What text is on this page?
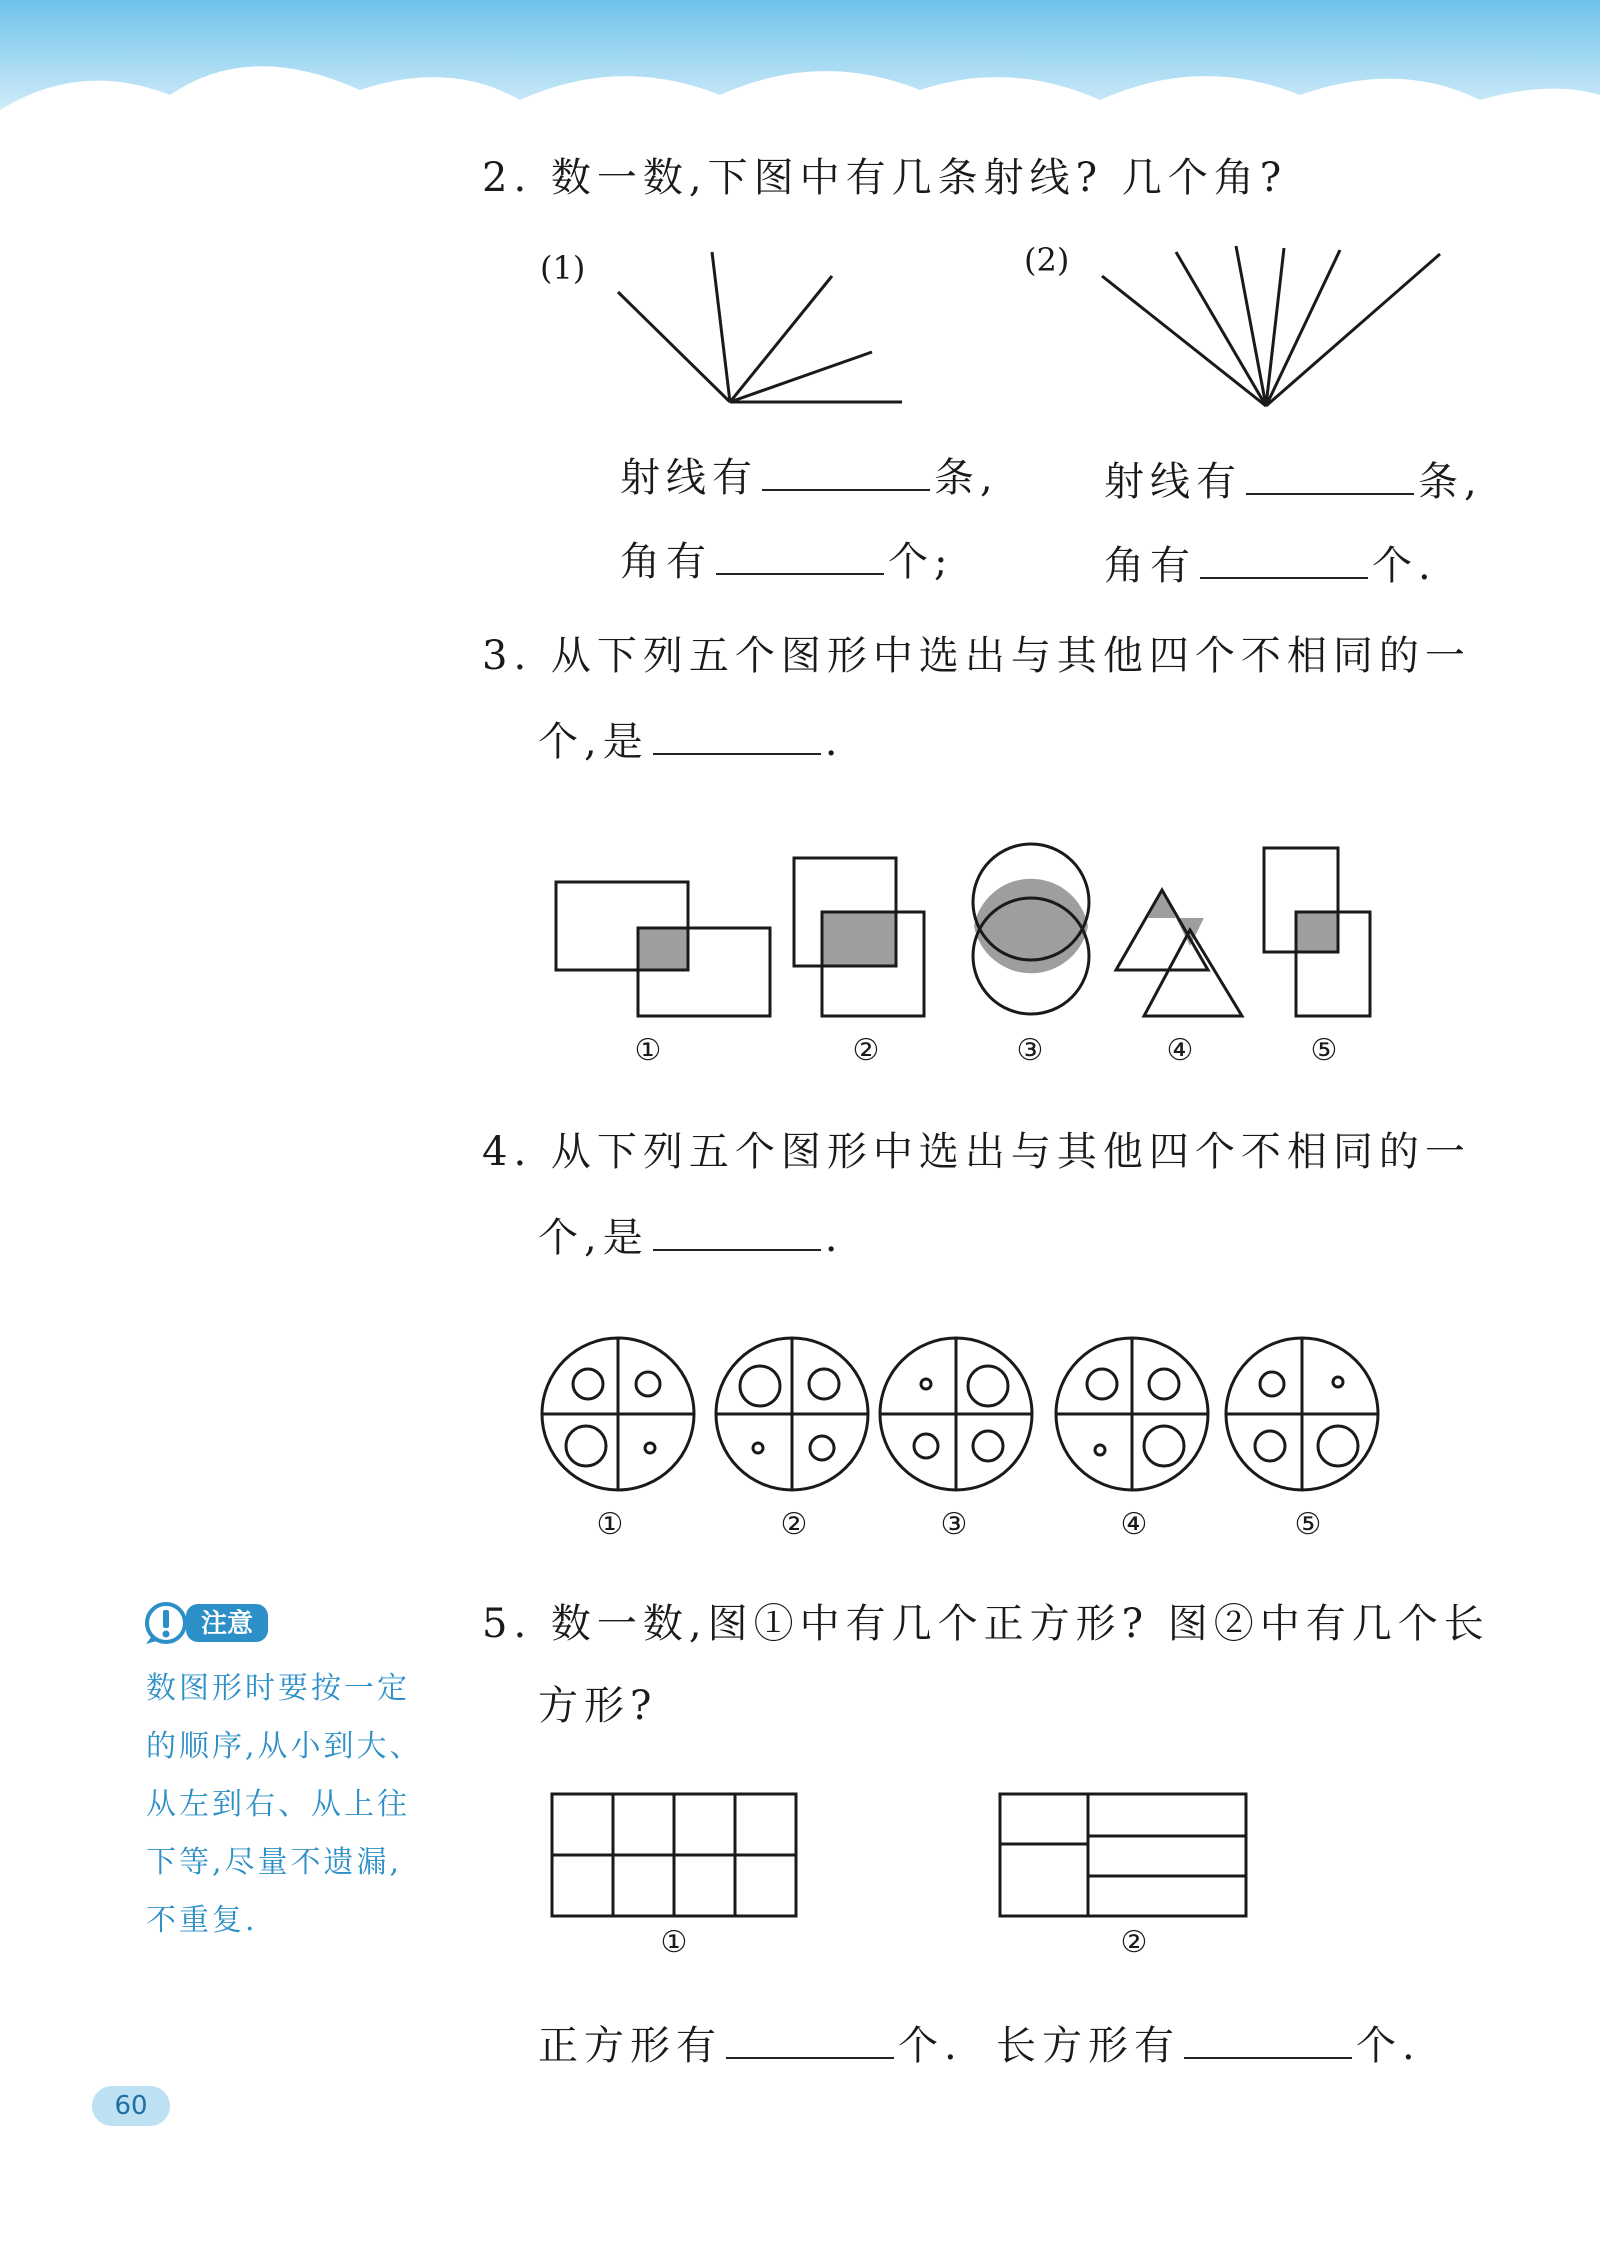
2. 数一数,下图中有几条射线? 几个角?
(1)	(2)
射线有	条,	射线有	条,
角有	个;	角有	个.
3. 从下列五个图形中选出与其他四个不相同的一
个,是	.
①	②	③	④	⑤
4. 从下列五个图形中选出与其他四个不相同的一
个,是	.
①	②	③	④	⑤
注意
数图形时要按一定
的顺序,从小到大、
从左到右、从上往
下等,尽量不遗漏,
不重复.
5. 数一数,图①中有几个正方形? 图②中有几个长
方形?
①	②
正方形有	个. 长方形有	个.
60
